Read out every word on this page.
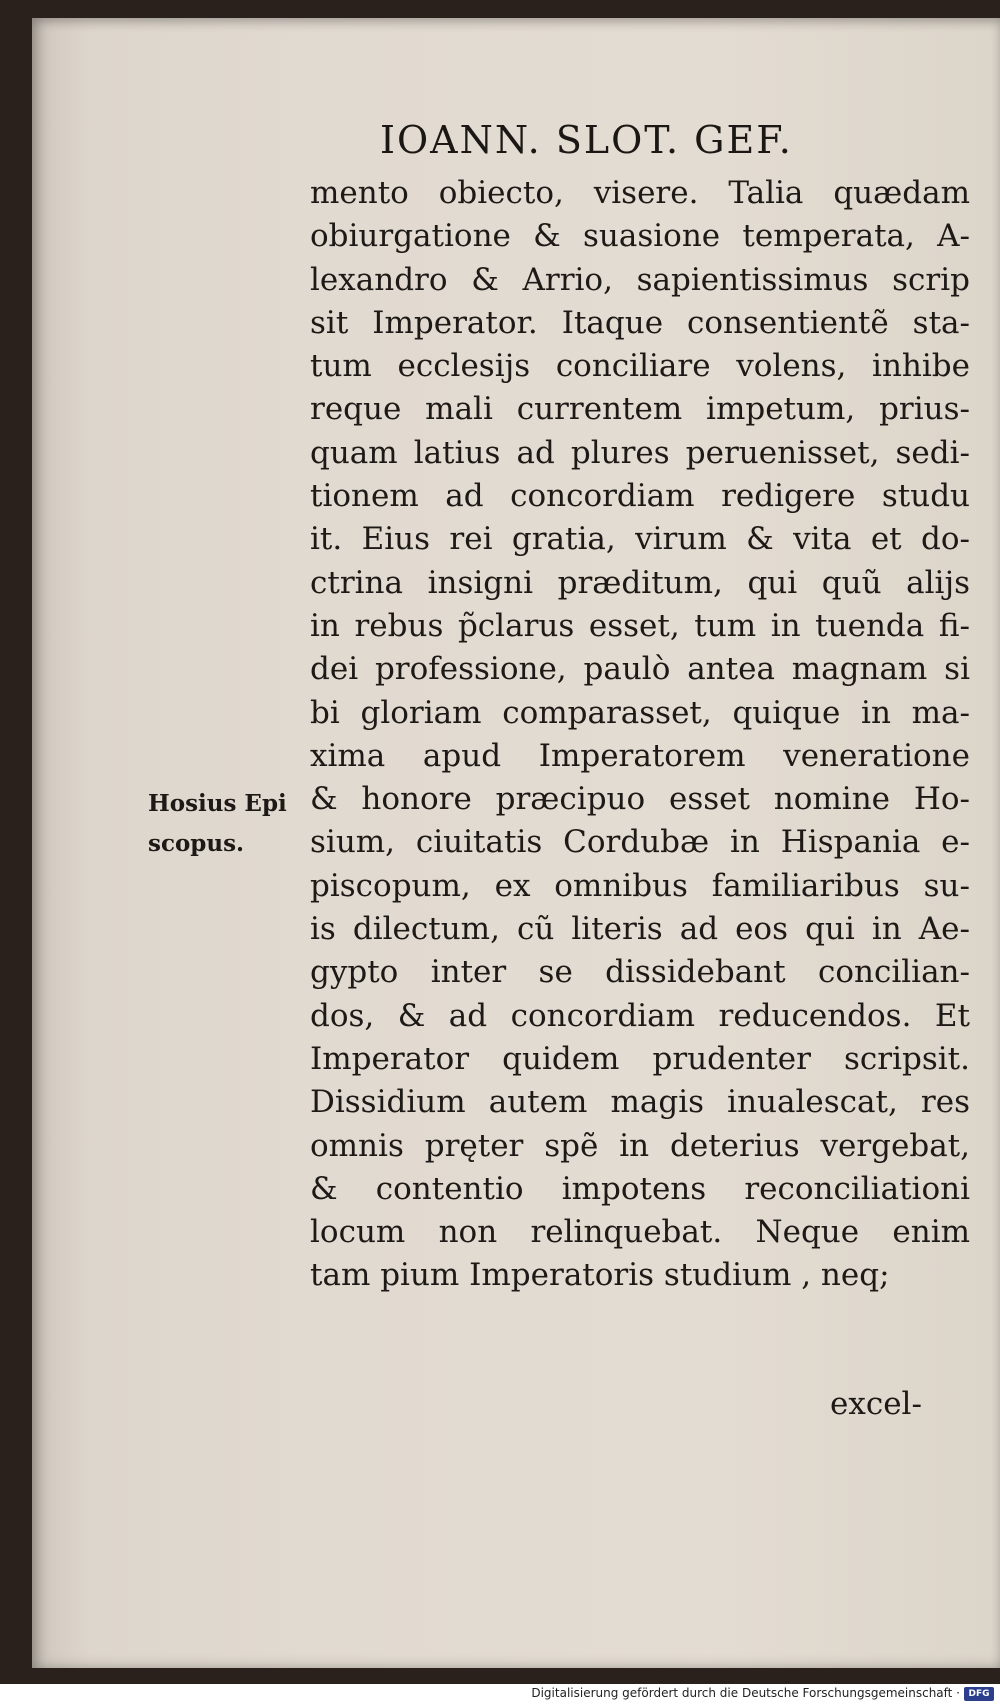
IOANN. SLOT. GEF.
mento obiecto, visere. Talia quædam
obiurgatione & suasione temperata, A-
lexandro & Arrio, sapientissimus scrip
sit Imperator. Itaque consentientẽ sta-
tum ecclesijs conciliare volens, inhibe
reque mali currentem impetum, prius-
quam latius ad plures peruenisset, sedi-
tionem ad concordiam redigere studu
it. Eius rei gratia, virum & vita et do-
ctrina insigni præditum, qui quũ alijs
in rebus p̃clarus esset, tum in tuenda fi-
dei professione, paulò antea magnam si
bi gloriam comparasset, quique in ma-
xima apud Imperatorem veneratione
& honore præcipuo esset nomine Ho-
sium, ciuitatis Cordubæ in Hispania e-
piscopum, ex omnibus familiaribus su-
is dilectum, cũ literis ad eos qui in Ae-
gypto inter se dissidebant concilian-
dos, & ad concordiam reducendos. Et
Imperator quidem prudenter scripsit.
Dissidium autem magis inualescat, res
omnis pręter spẽ in deterius vergebat,
& contentio impotens reconciliationi
locum non relinquebat. Neque enim
tam pium Imperatoris studium , neq;
excel-
Hosius Epi
scopus.
Digitalisierung gefördert durch die Deutsche Forschungsgemeinschaft · DFG
